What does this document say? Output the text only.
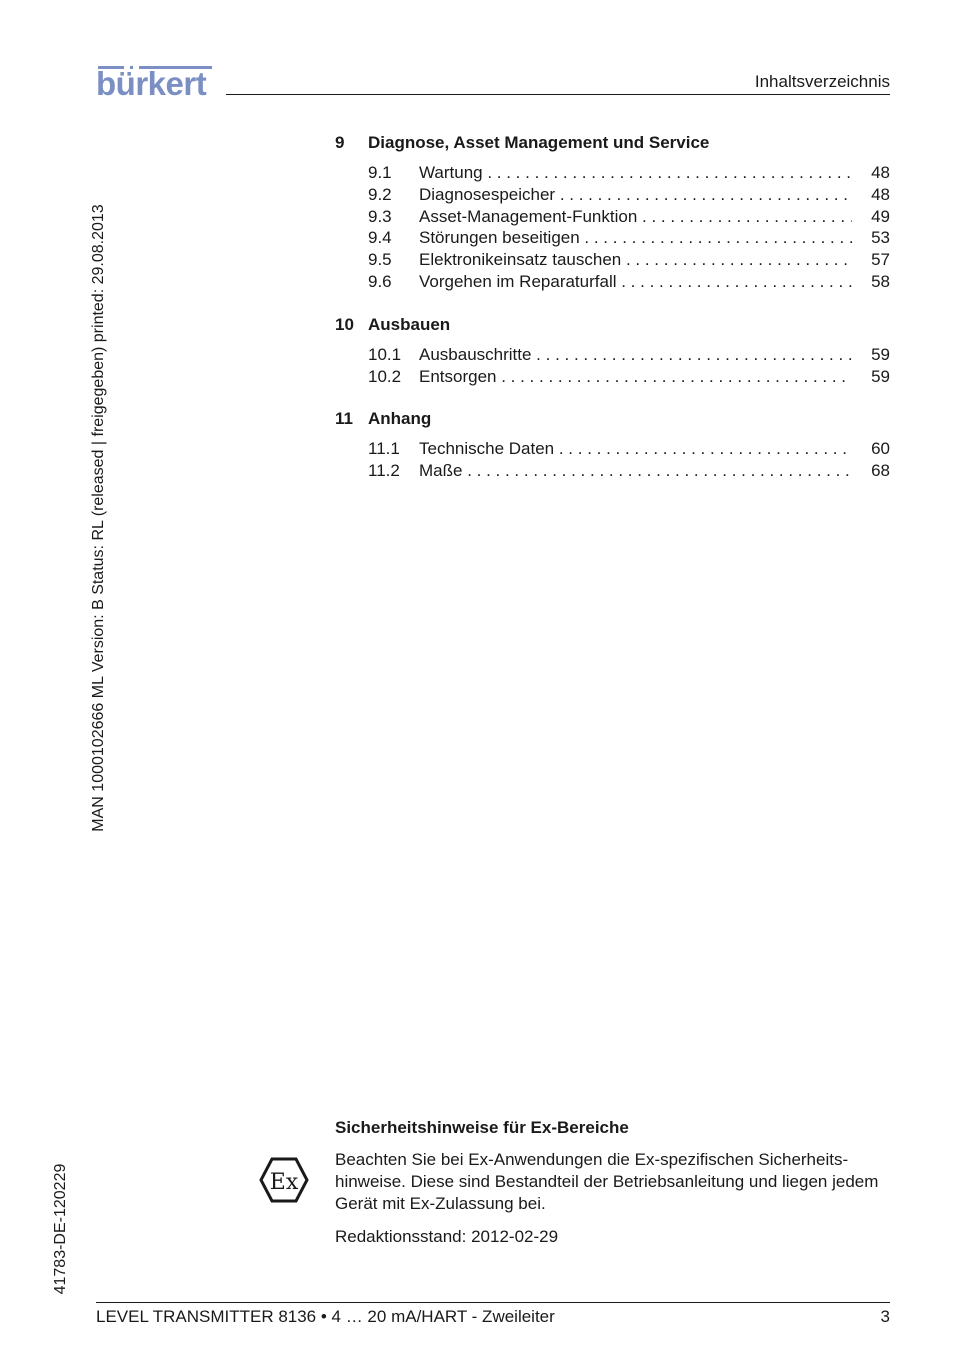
bürkert	Inhaltsverzeichnis
MAN 1000102666 ML Version: B Status: RL (released | freigegeben) printed: 29.08.2013
41783-DE-120229
9 Diagnose, Asset Management und Service
9.1 Wartung . . .	48
9.2 Diagnosespeicher . . .	48
9.3 Asset-Management-Funktion . . .	49
9.4 Störungen beseitigen . . .	53
9.5 Elektronikeinsatz tauschen . . .	57
9.6 Vorgehen im Reparaturfall . . .	58
10 Ausbauen
10.1 Ausbauschritte . . .	59
10.2 Entsorgen . . .	59
11 Anhang
11.1 Technische Daten . . .	60
11.2 Maße . . .	68
Ex
Sicherheitshinweise für Ex-Bereiche
Beachten Sie bei Ex-Anwendungen die Ex-spezifischen Sicherheits-hinweise. Diese sind Bestandteil der Betriebsanleitung und liegen jedem Gerät mit Ex-Zulassung bei.
Redaktionsstand: 2012-02-29
LEVEL TRANSMITTER 8136 • 4 … 20 mA/HART - Zweileiter	3
